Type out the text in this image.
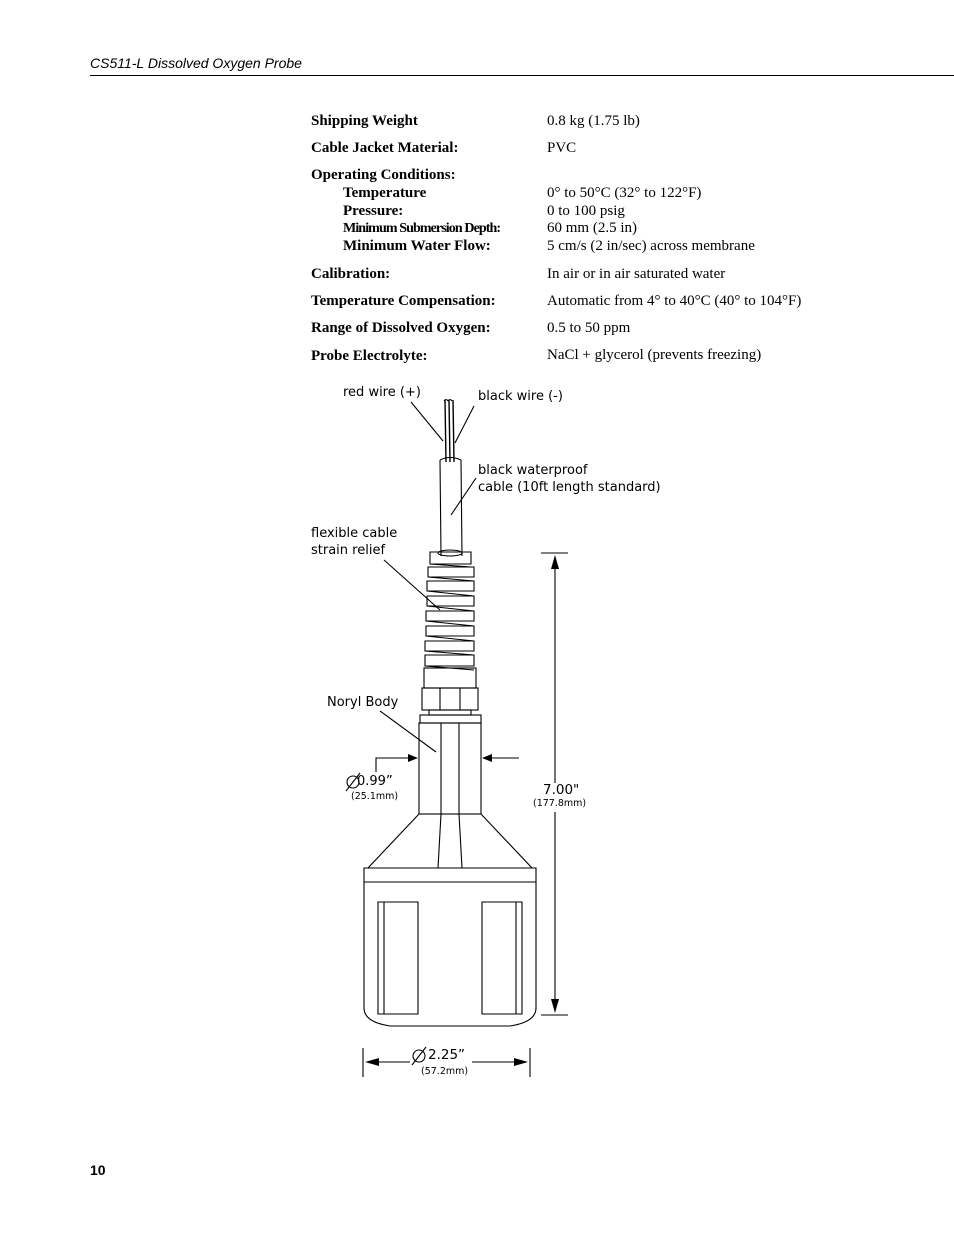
CS511-L Dissolved Oxygen Probe
Shipping Weight	0.8 kg (1.75 lb)
Cable Jacket Material:	PVC
Operating Conditions:
Temperature	0° to 50°C (32° to 122°F)
Pressure:	0 to 100 psig
Minimum Submersion Depth:	60 mm (2.5 in)
Minimum Water Flow:	5 cm/s (2 in/sec) across membrane
Calibration:	In air or in air saturated water
Temperature Compensation:	Automatic from 4° to 40°C (40° to 104°F)
Range of Dissolved Oxygen:	0.5 to 50 ppm
Probe Electrolyte:	NaCl + glycerol (prevents freezing)
red wire (+)	black wire (-)
black waterproof
cable (10ft length standard)
flexible cable
strain relief
Noryl Body
0.99”
(25.1mm)	7.00"
(177.8mm)
2.25”
(57.2mm)
10
